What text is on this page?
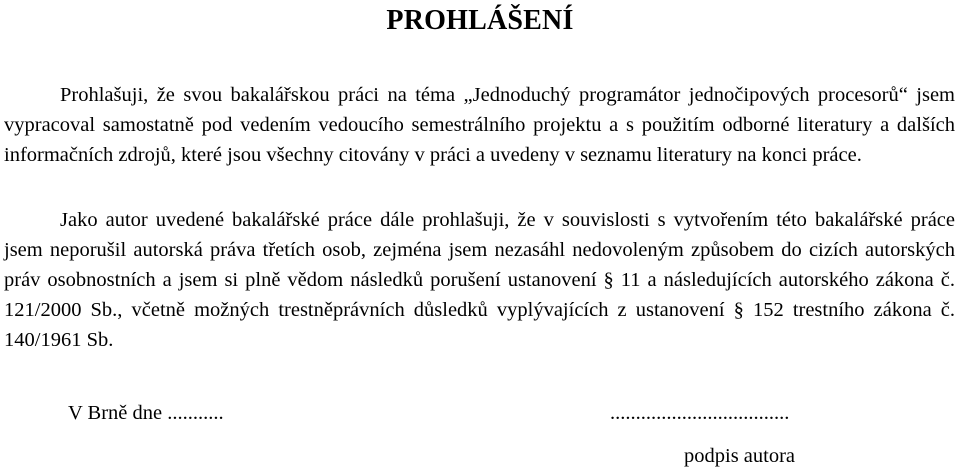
PROHLÁŠENÍ

Prohlašuji, že svou bakalářskou práci na téma „Jednoduchý programátor jednočipových procesorů“ jsem vypracoval samostatně pod vedením vedoucího semestrálního projektu a s použitím odborné literatury a dalších informačních zdrojů, které jsou všechny citovány v práci a uvedeny v seznamu literatury na konci práce.

Jako autor uvedené bakalářské práce dále prohlašuji, že v souvislosti s vytvořením této bakalářské práce jsem neporušil autorská práva třetích osob, zejména jsem nezasáhl nedovoleným způsobem do cizích autorských práv osobnostních a jsem si plně vědom následků porušení ustanovení § 11 a následujících autorského zákona č. 121/2000 Sb., včetně možných trestněprávních důsledků vyplývajících z ustanovení § 152 trestního zákona č. 140/1961 Sb.

V Brně dne ...........	...................................
podpis autora
